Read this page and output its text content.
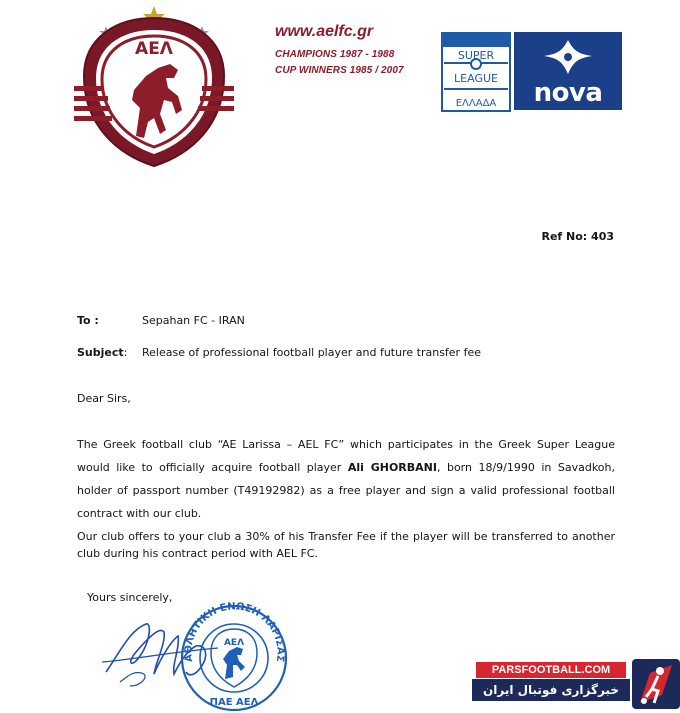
ΑΕΛ
www.aelfc.gr
CHAMPIONS 1987 - 1988
CUP WINNERS 1985 / 2007
SUPER
LEAGUE
ΕΛΛΑΔΑ	nova
Ref No: 403
To :	Sepahan FC - IRAN
Subject: Release of professional football player and future transfer fee
Dear Sirs,
The Greek football club “AE Larissa – AEL FC” which participates in the Greek Super League would like to officially acquire football player Ali GHORBANI, born 18/9/1990 in Savadkoh, holder of passport number (T49192982) as a free player and sign a valid professional football contract with our club.
Our club offers to your club a 30% of his Transfer Fee if the player will be transferred to another club during his contract period with AEL FC.
Yours sincerely,
ΑΘΛΗΤΙΚΗ ΕΝΩΣΗ ΛΑΡΙΣΑΣ
ΑΕΛ
ΠΑΕ ΑΕΛ
PARSFOOTBALL.COM
خبرگزاری فوتبال ایران
